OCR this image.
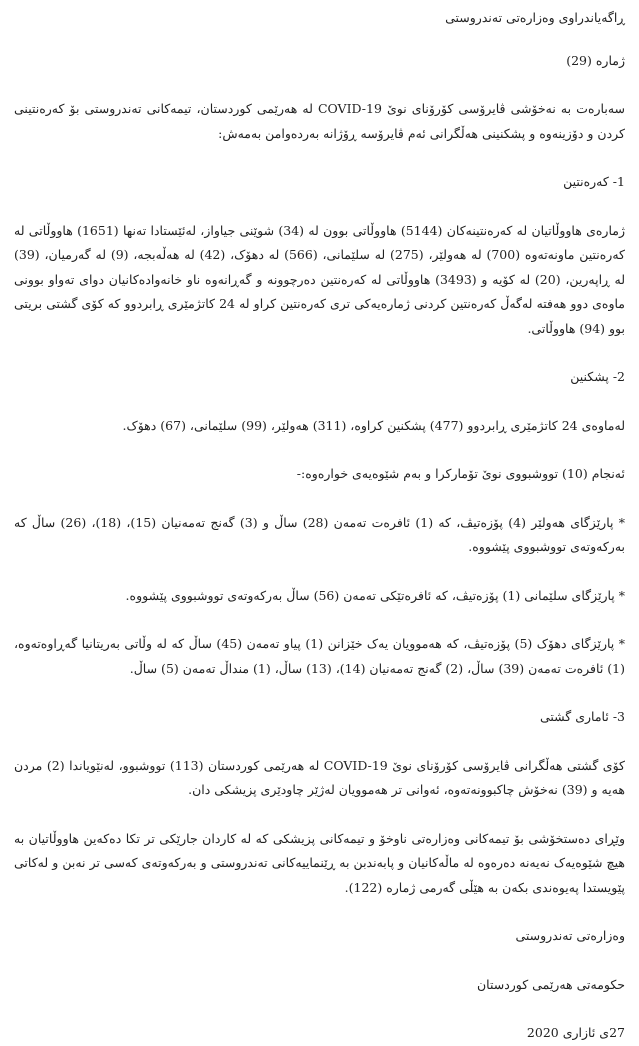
ڕاگەیاندراوی وەزارەتی تەندروستی

ژمارە (29)

سەبارەت بە نەخۆشی ڤایرۆسی کۆرۆنای نوێ COVID-19 لە هەرێمی کوردستان، تیمەکانی تەندروستی بۆ کەرەنتینی کردن و دۆزینەوە و پشکنینی هەڵگرانی ئەم ڤایرۆسە ڕۆژانە بەردەوامن بەمەش:

1- کەرەنتین

ژمارەی هاووڵاتیان لە کەرەنتینەکان (5144) هاووڵاتی بوون لە (34) شوێنی جیاواز، لەئێستادا تەنها (1651) هاووڵاتی لە کەرەنتین ماونەتەوە (700) لە هەولێر، (275) لە سلێمانی، (566) لە دهۆک، (42) لە هەڵەبجە، (9) لە گەرمیان، (39) لە ڕاپەرین، (20) لە کۆیە و (3493) هاووڵاتی لە کەرەنتین دەرچوونە و گەڕانەوە ناو خانەوادەکانیان دوای تەواو بوونی ماوەی دوو هەفتە لەگەڵ کەرەنتین کردنی ژمارەیەکی تری کەرەنتین کراو لە 24 کاتژمێری ڕابردوو کە کۆی گشتی بریتی بوو (94) هاووڵاتی.

2- پشکنین

لەماوەی 24 کاتژمێری ڕابردوو (477) پشکنین کراوە، (311) هەولێر، (99) سلێمانی، (67) دهۆک.

ئەنجام (10) تووشبووی نوێ تۆمارکرا و بەم شێوەیەی خوارەوە:-

* پارێزگای هەولێر (4) پۆزەتیڤ، کە (1) ئافرەت تەمەن (28) ساڵ و (3) گەنج تەمەنیان (15)، (18)، (26) ساڵ کە بەرکەوتەی تووشبووی پێشووە.

* پارێزگای سلێمانی (1) پۆزەتیڤ، کە ئافرەتێکی تەمەن (56) ساڵ بەرکەوتەی تووشبووی پێشووە.

* پارێزگای دهۆک (5) پۆزەتیڤ، کە هەموویان یەک خێزانن (1) پیاو تەمەن (45) ساڵ کە لە وڵاتی بەریتانیا گەڕاوەتەوە، (1) ئافرەت تەمەن (39) ساڵ، (2) گەنج تەمەنیان (14)، (13) ساڵ، (1) منداڵ تەمەن (5) ساڵ.

3- ئاماری گشتی

کۆی گشتی هەڵگرانی ڤایرۆسی کۆرۆنای نوێ COVID-19 لە هەرێمی کوردستان (113) تووشبوو، لەنێویاندا (2) مردن هەیە و (39) نەخۆش چاکبوونەتەوە، ئەوانی تر هەموویان لەژێر چاودێری پزیشکی دان.

وێڕای دەستخۆشی بۆ تیمەکانی وەزارەتی ناوخۆ و تیمەکانی پزیشکی کە لە کاردان جارێکی تر تکا دەکەین هاووڵاتیان بە هیچ شێوەیەک نەیەنە دەرەوە لە ماڵەکانیان و پابەندبن بە ڕێنماییەکانی تەندروستی و بەرکەوتەی کەسی تر نەبن و لەکاتی پێویستدا پەیوەندی بکەن بە هێڵی گەرمی ژمارە (122).

وەزارەتی تەندروستی

حکومەتی هەرێمی کوردستان

27ی ئازاری 2020
